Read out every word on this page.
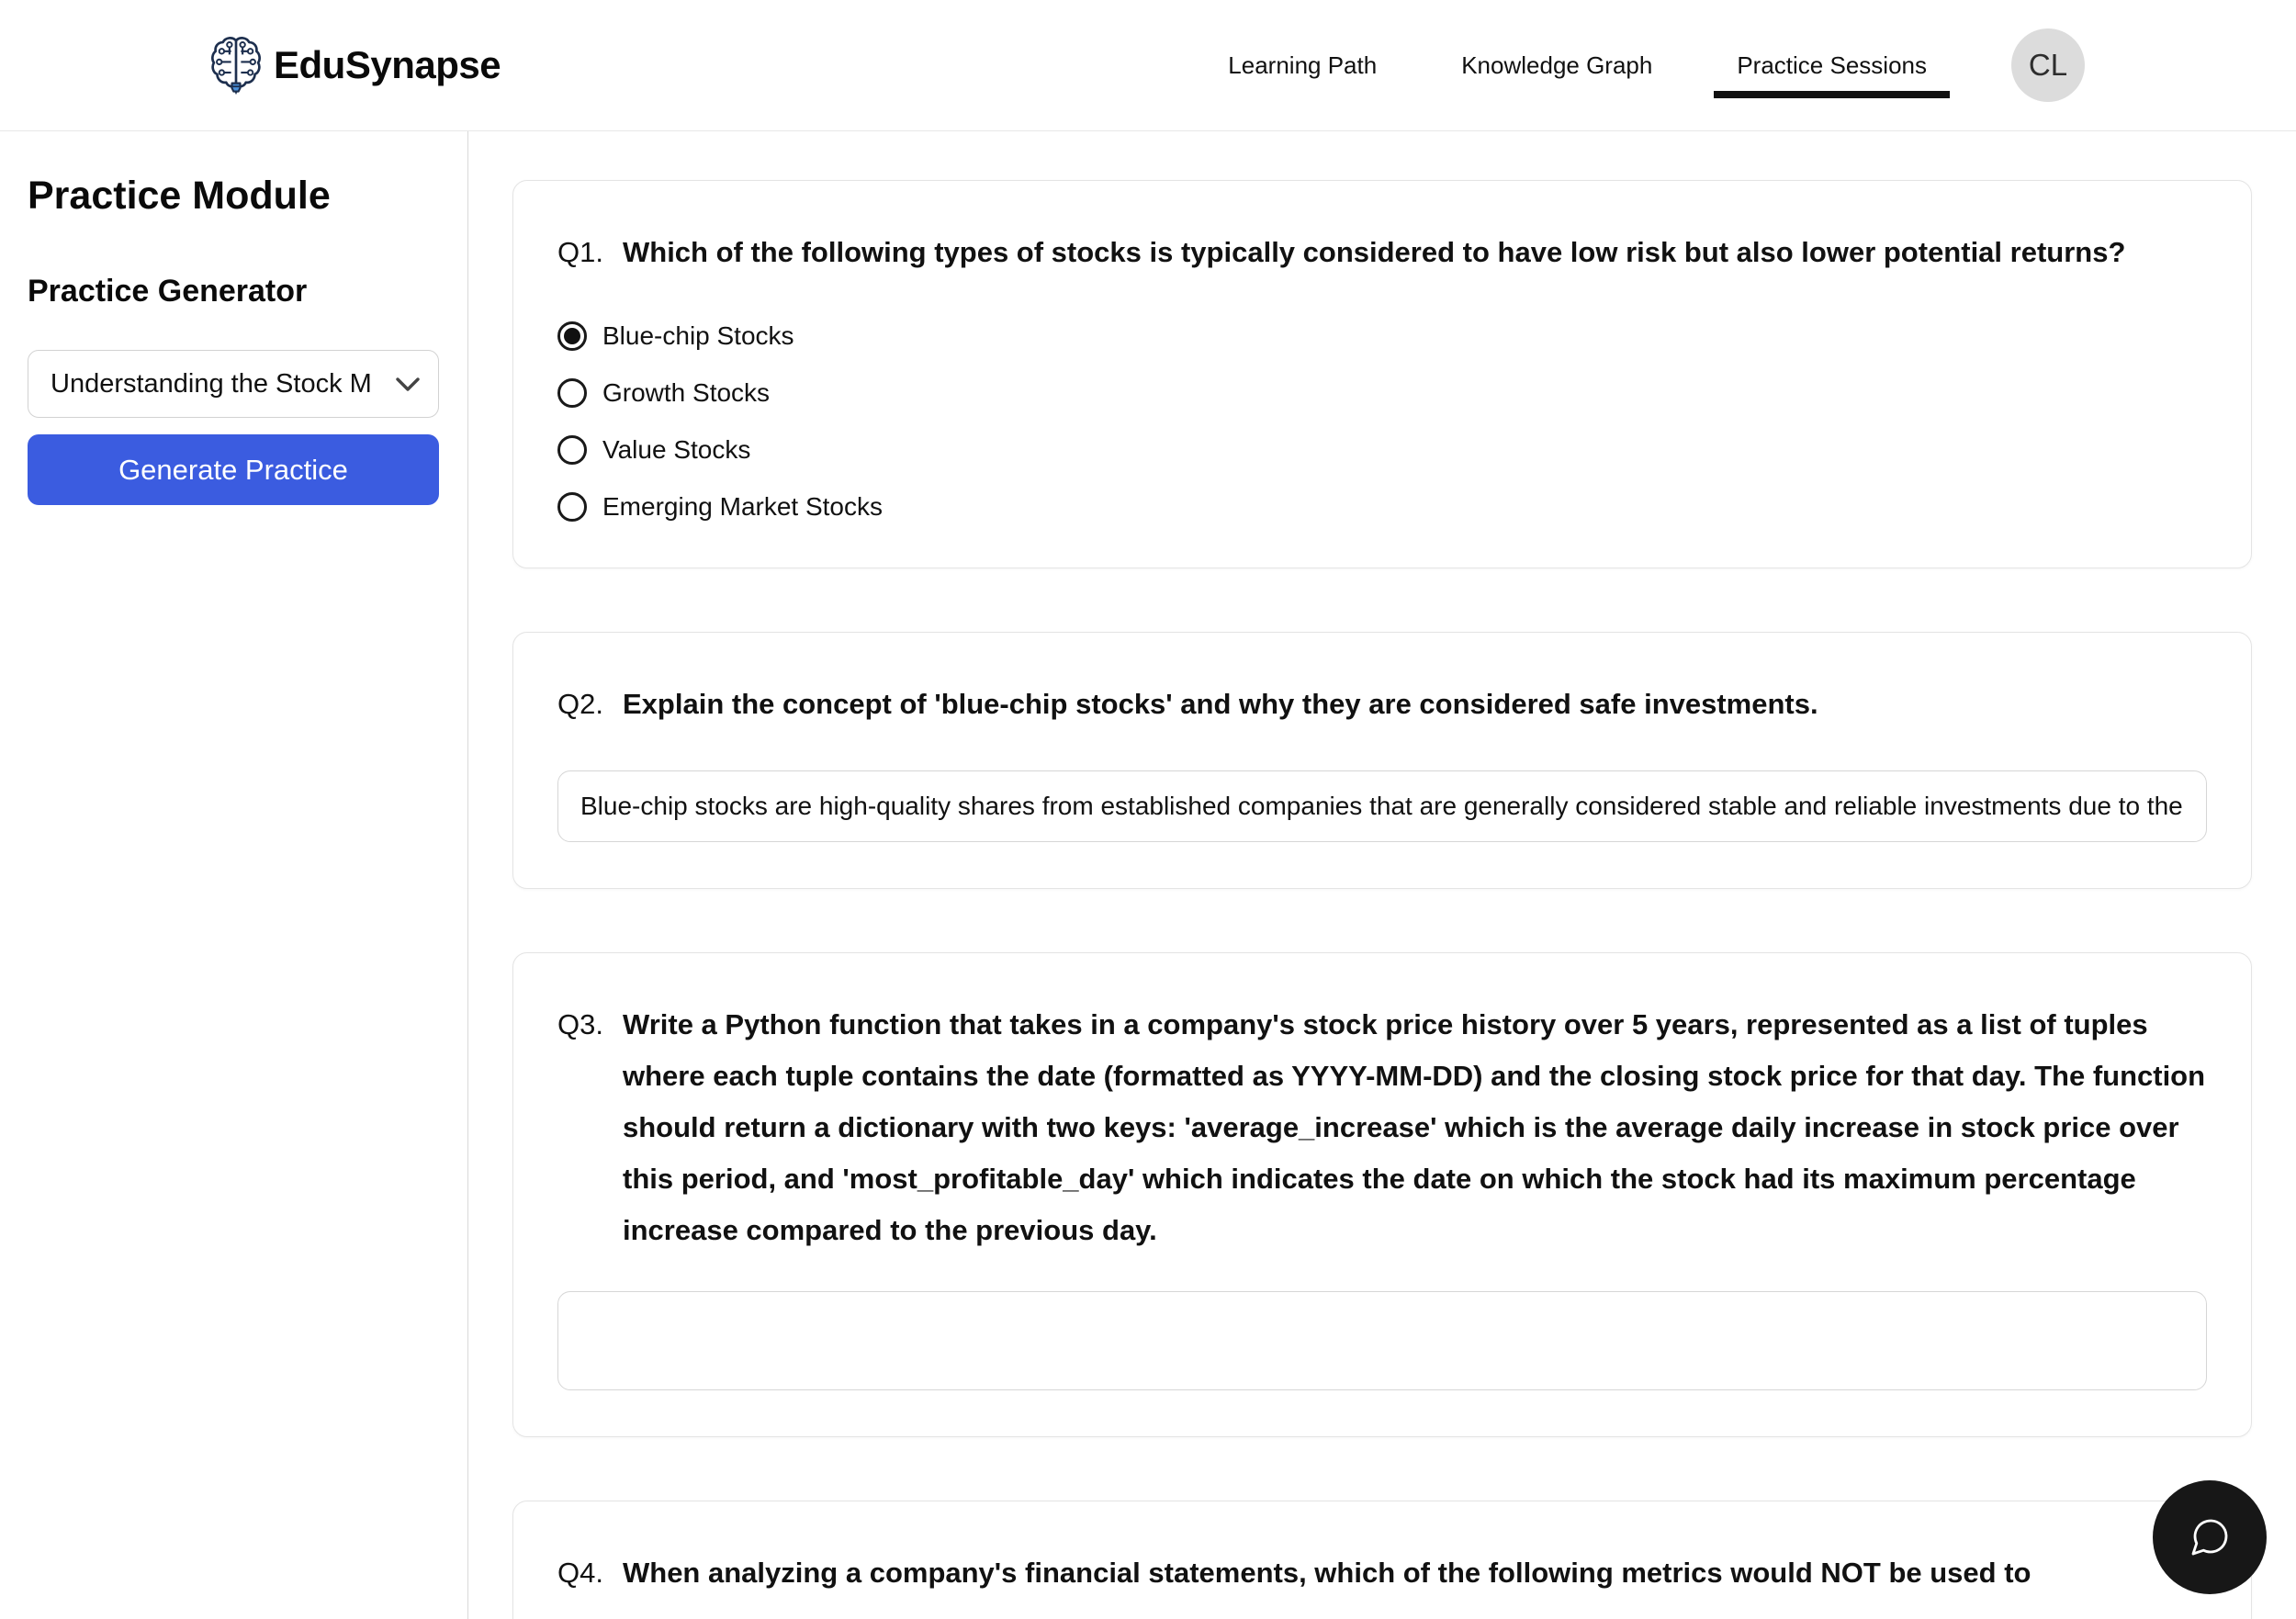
EduSynapse	Learning Path	Knowledge Graph	Practice Sessions	CL
Practice Module
Practice Generator
Understanding the Stock M
Generate Practice
Q1. Which of the following types of stocks is typically considered to have low risk but also lower potential returns?
Blue-chip Stocks
Growth Stocks
Value Stocks
Emerging Market Stocks
Q2. Explain the concept of 'blue-chip stocks' and why they are considered safe investments.
Blue-chip stocks are high-quality shares from established companies that are generally considered stable and reliable investments due to the
Q3. Write a Python function that takes in a company's stock price history over 5 years, represented as a list of tuples where each tuple contains the date (formatted as YYYY-MM-DD) and the closing stock price for that day. The function should return a dictionary with two keys: 'average_increase' which is the average daily increase in stock price over this period, and 'most_profitable_day' which indicates the date on which the stock had its maximum percentage increase compared to the previous day.
Q4. When analyzing a company's financial statements, which of the following metrics would NOT be used to
